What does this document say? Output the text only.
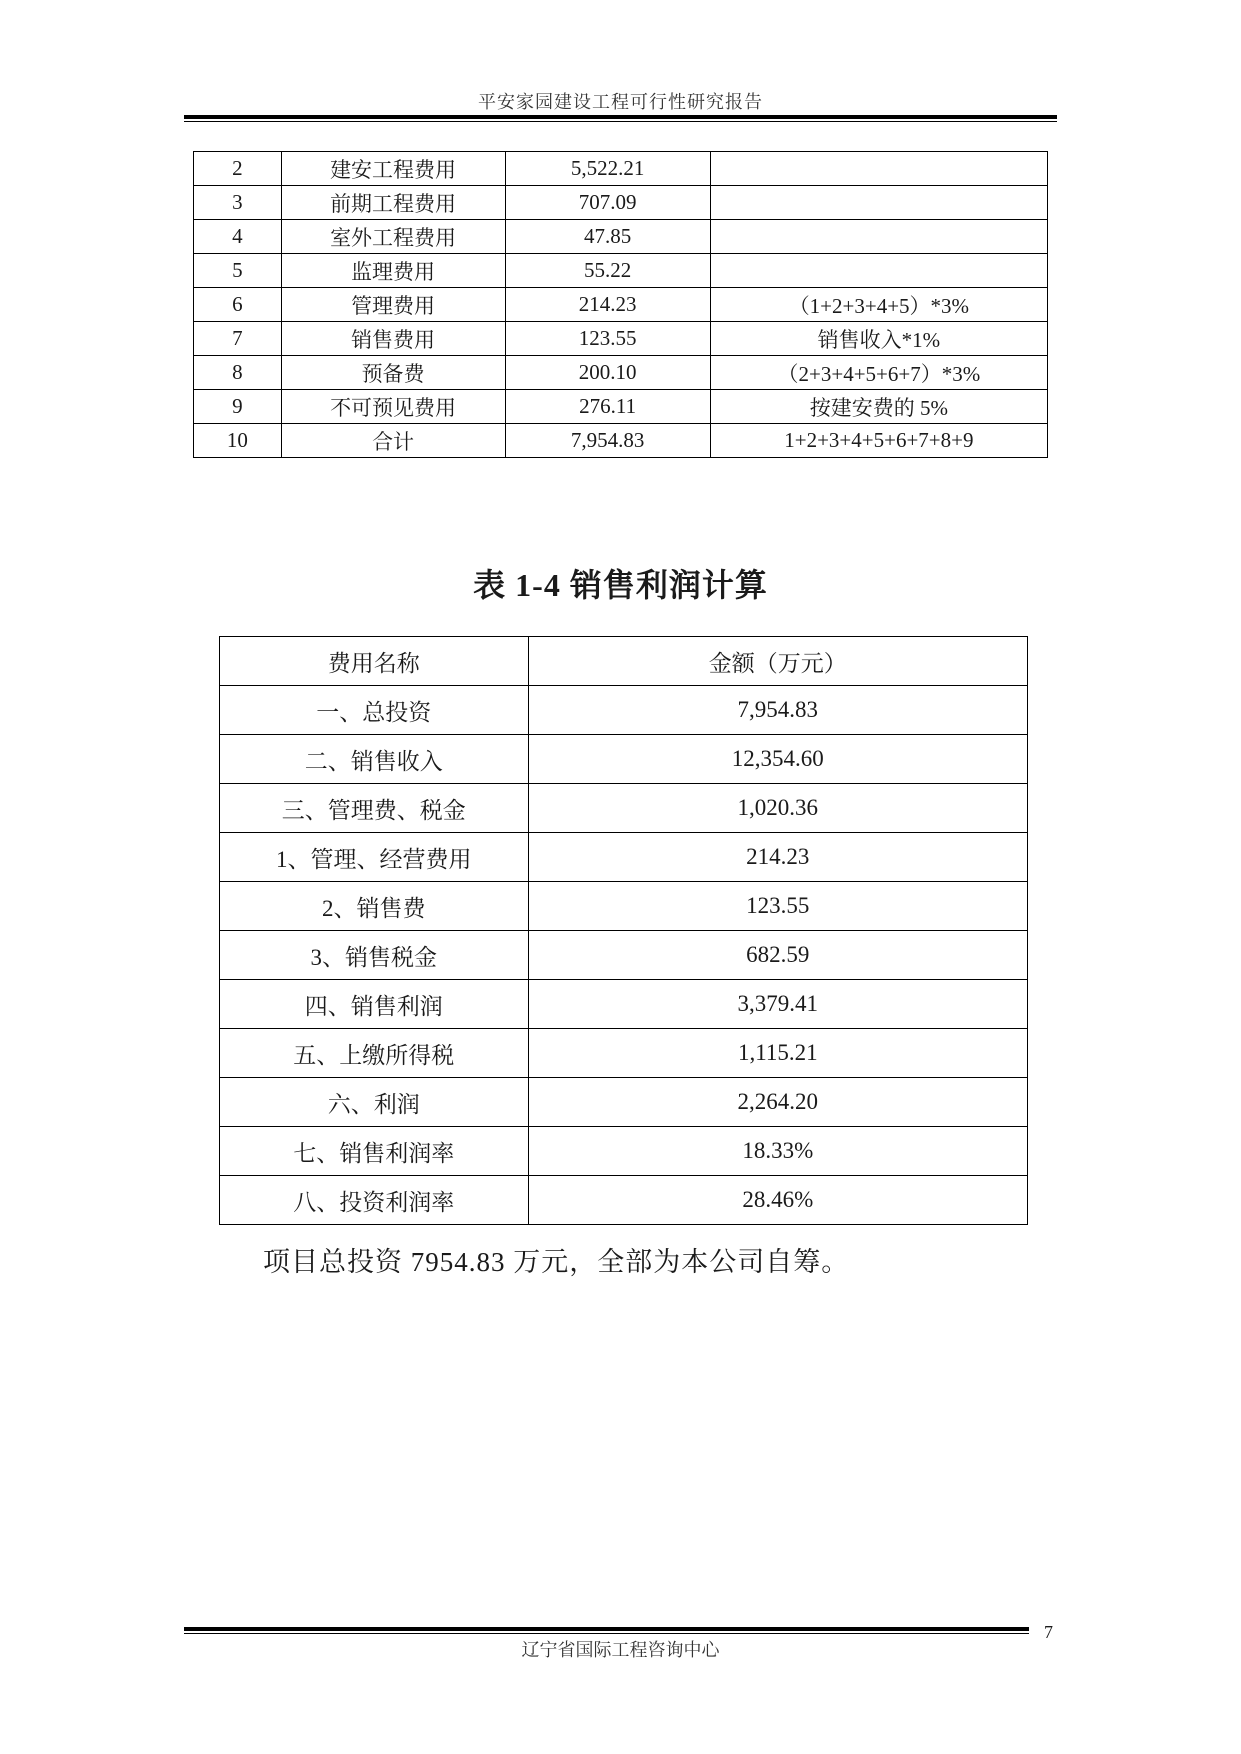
平安家园建设工程可行性研究报告
2	建安工程费用	5,522.21	
3	前期工程费用	707.09	
4	室外工程费用	47.85	
5	监理费用	55.22	
6	管理费用	214.23	（1+2+3+4+5）*3%
7	销售费用	123.55	销售收入*1%
8	预备费	200.10	（2+3+4+5+6+7）*3%
9	不可预见费用	276.11	按建安费的 5%
10	合计	7,954.83	1+2+3+4+5+6+7+8+9
表 1-4 销售利润计算
费用名称	金额（万元）
一、总投资	7,954.83
二、销售收入	12,354.60
三、管理费、税金	1,020.36
1、管理、经营费用	214.23
2、销售费	123.55
3、销售税金	682.59
四、销售利润	3,379.41
五、上缴所得税	1,115.21
六、利润	2,264.20
七、销售利润率	18.33%
八、投资利润率	28.46%
项目总投资 7954.83 万元，全部为本公司自筹。
辽宁省国际工程咨询中心
7
